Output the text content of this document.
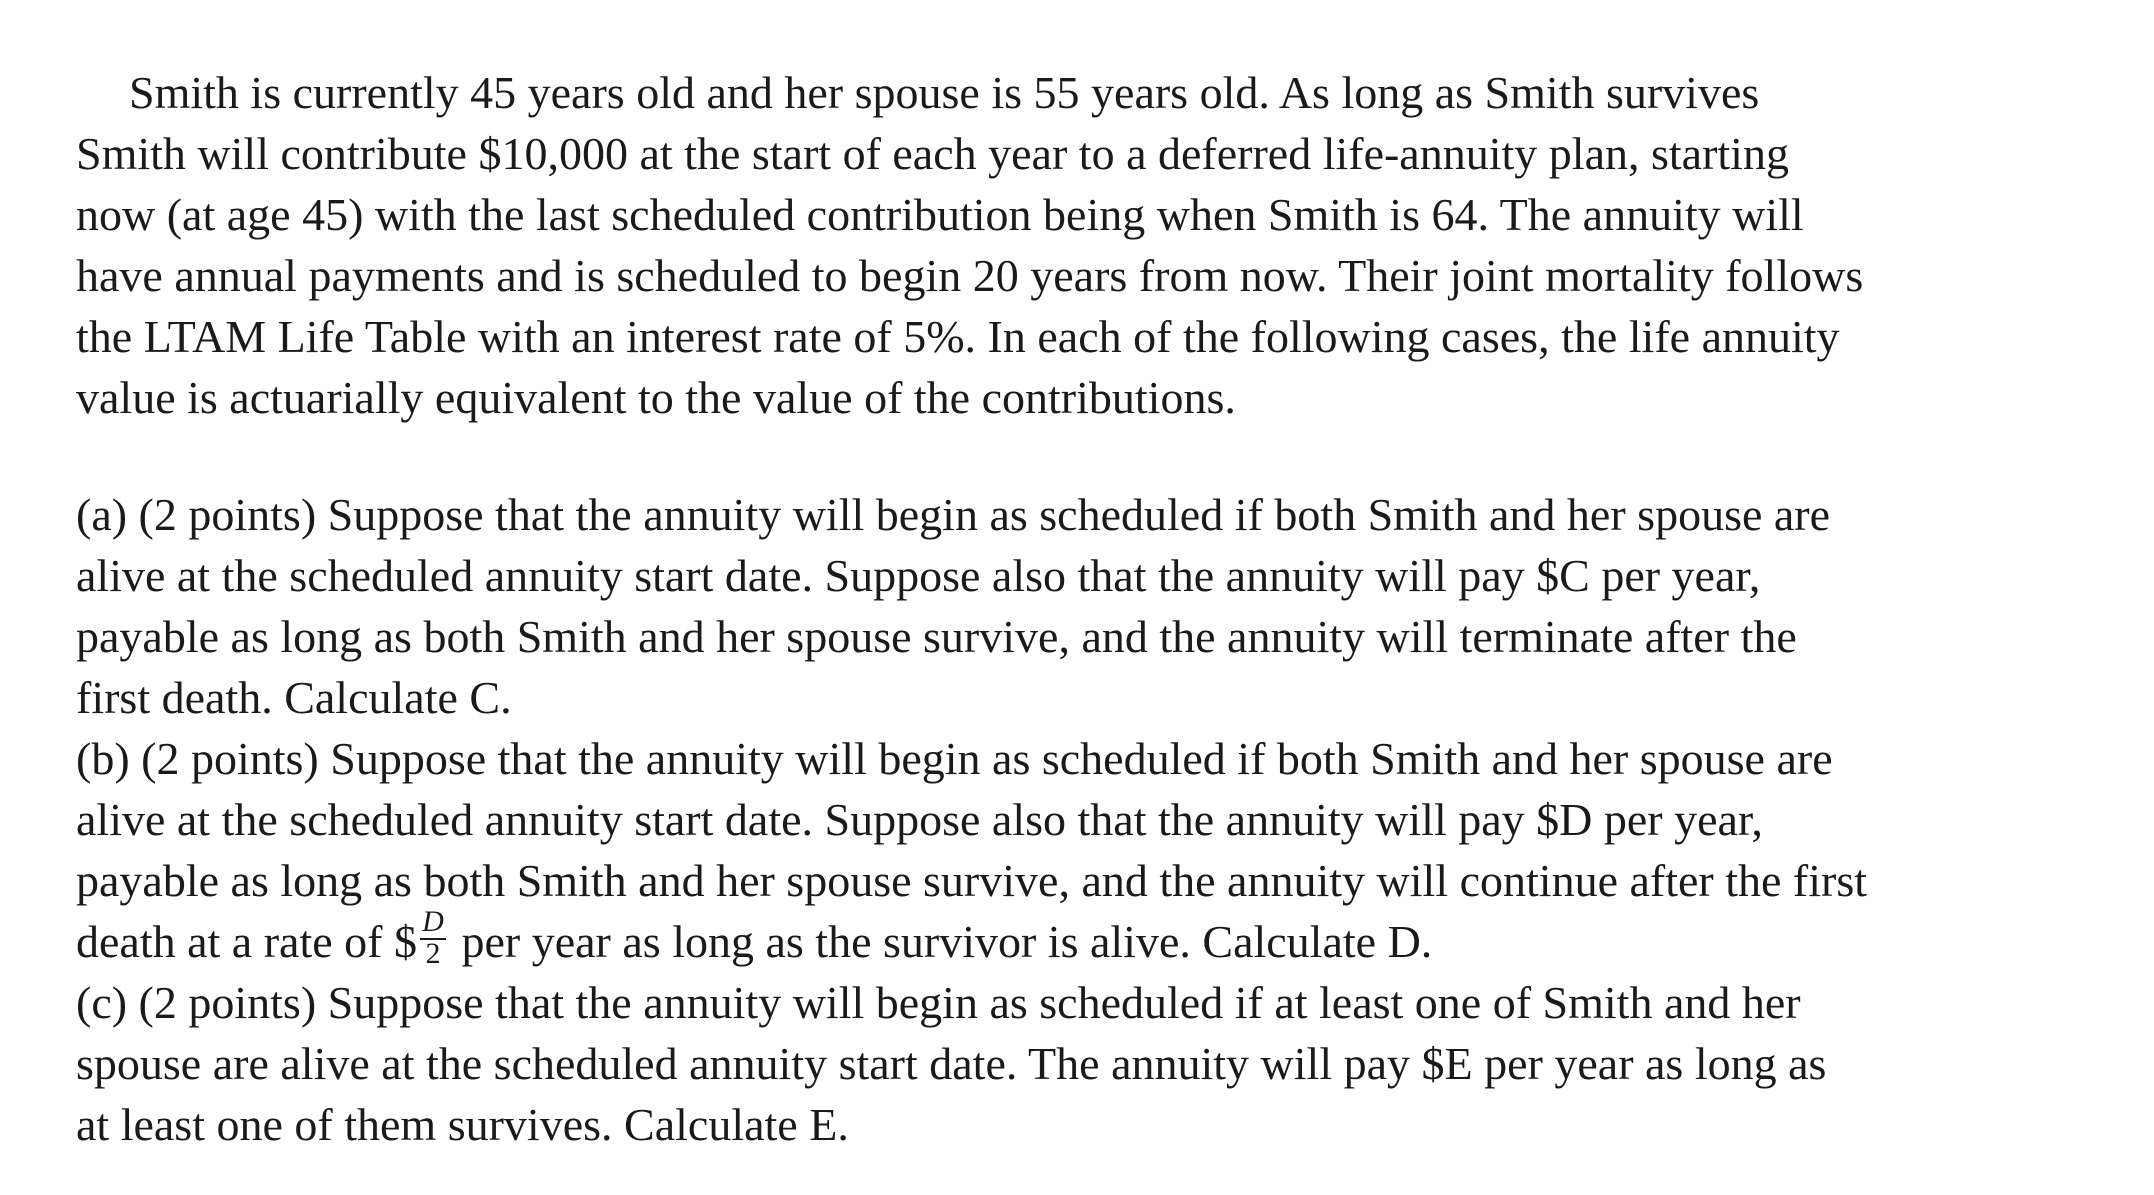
Smith is currently 45 years old and her spouse is 55 years old. As long as Smith survives
Smith will contribute $10,000 at the start of each year to a deferred life-annuity plan, starting
now (at age 45) with the last scheduled contribution being when Smith is 64. The annuity will
have annual payments and is scheduled to begin 20 years from now. Their joint mortality follows
the LTAM Life Table with an interest rate of 5%. In each of the following cases, the life annuity
value is actuarially equivalent to the value of the contributions.
(a) (2 points) Suppose that the annuity will begin as scheduled if both Smith and her spouse are
alive at the scheduled annuity start date. Suppose also that the annuity will pay $C per year,
payable as long as both Smith and her spouse survive, and the annuity will terminate after the
first death. Calculate C.
(b) (2 points) Suppose that the annuity will begin as scheduled if both Smith and her spouse are
alive at the scheduled annuity start date. Suppose also that the annuity will pay $D per year,
payable as long as both Smith and her spouse survive, and the annuity will continue after the first
death at a rate of $ $\frac{D}{2}$ per year as long as the survivor is alive. Calculate D.
(c) (2 points) Suppose that the annuity will begin as scheduled if at least one of Smith and her
spouse are alive at the scheduled annuity start date. The annuity will pay $E per year as long as
at least one of them survives. Calculate E.
